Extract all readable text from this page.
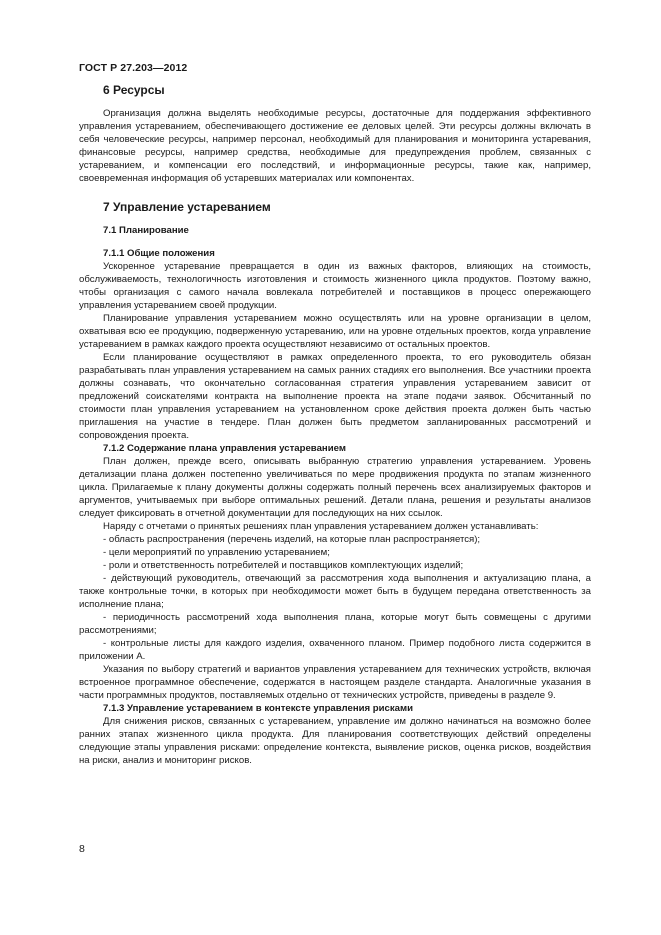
ГОСТ Р 27.203—2012
6 Ресурсы

Организация должна выделять необходимые ресурсы, достаточные для поддержания эффективного управления устареванием, обеспечивающего достижение ее деловых целей. Эти ресурсы должны включать в себя человеческие ресурсы, например персонал, необходимый для планирования и мониторинга устаревания, финансовые ресурсы, например средства, необходимые для предупреждения проблем, связанных с устареванием, и компенсации его последствий, и информационные ресурсы, такие как, например, своевременная информация об устаревших материалах или компонентах.

7 Управление устареванием
7.1 Планирование
7.1.1 Общие положения

Ускоренное устаревание превращается в один из важных факторов, влияющих на стоимость, обслуживаемость, технологичность изготовления и стоимость жизненного цикла продуктов. Поэтому важно, чтобы организация с самого начала вовлекала потребителей и поставщиков в процесс опережающего управления устареванием своей продукции.

Планирование управления устареванием можно осуществлять или на уровне организации в целом, охватывая всю ее продукцию, подверженную устареванию, или на уровне отдельных проектов, когда управление устареванием в рамках каждого проекта осуществляют независимо от остальных проектов.

Если планирование осуществляют в рамках определенного проекта, то его руководитель обязан разрабатывать план управления устареванием на самых ранних стадиях его выполнения. Все участники проекта должны сознавать, что окончательно согласованная стратегия управления устареванием зависит от предложений соискателями контракта на выполнение проекта на этапе подачи заявок. Обсчитанный по стоимости план управления устареванием на установленном сроке действия проекта должен быть частью приглашения на участие в тендере. План должен быть предметом запланированных рассмотрений и сопровождения проекта.

7.1.2 Содержание плана управления устареванием

План должен, прежде всего, описывать выбранную стратегию управления устареванием. Уровень детализации плана должен постепенно увеличиваться по мере продвижения продукта по этапам жизненного цикла. Прилагаемые к плану документы должны содержать полный перечень всех анализируемых факторов и аргументов, учитываемых при выборе оптимальных решений. Детали плана, решения и результаты анализов следует фиксировать в отчетной документации для последующих на них ссылок.

Наряду с отчетами о принятых решениях план управления устареванием должен устанавливать:

- область распространения (перечень изделий, на которые план распространяется);

- цели мероприятий по управлению устареванием;

- роли и ответственность потребителей и поставщиков комплектующих изделий;

- действующий руководитель, отвечающий за рассмотрения хода выполнения и актуализацию плана, а также контрольные точки, в которых при необходимости может быть в будущем передана ответственность за исполнение плана;

- периодичность рассмотрений хода выполнения плана, которые могут быть совмещены с другими рассмотрениями;

- контрольные листы для каждого изделия, охваченного планом. Пример подобного листа содержится в приложении А.

Указания по выбору стратегий и вариантов управления устареванием для технических устройств, включая встроенное программное обеспечение, содержатся в настоящем разделе стандарта. Аналогичные указания в части программных продуктов, поставляемых отдельно от технических устройств, приведены в разделе 9.

7.1.3 Управление устареванием в контексте управления рисками

Для снижения рисков, связанных с устареванием, управление им должно начинаться на возможно более ранних этапах жизненного цикла продукта. Для планирования соответствующих действий определены следующие этапы управления рисками: определение контекста, выявление рисков, оценка рисков, воздействия на риски, анализ и мониторинг рисков.

8
